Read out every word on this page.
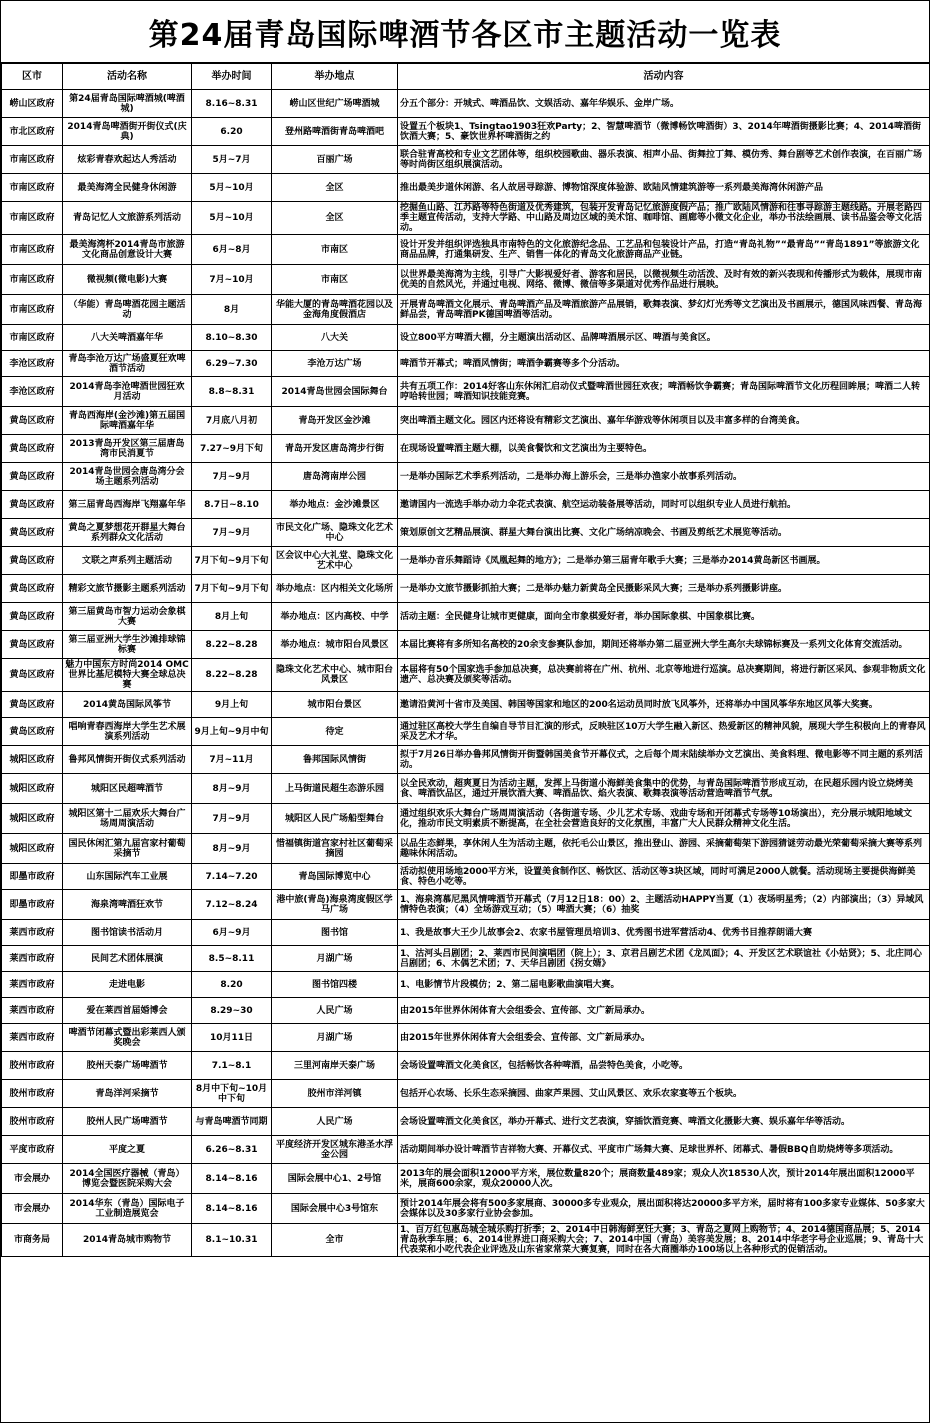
第24届青岛国际啤酒节各区市主题活动一览表
区市	活动名称	举办时间	举办地点	活动内容
崂山区政府	第24届青岛国际啤酒城(啤酒城)	8.16~8.31	崂山区世纪广场啤酒城	分五个部分：开城式、啤酒品饮、文娱活动、嘉年华娱乐、金岸广场。
市北区政府	2014青岛啤酒街开街仪式(庆典)	6.20	登州路啤酒街青岛啤酒吧	设置五个板块1、Tsingtao1903狂欢Party；2、智慧啤酒节（微博畅饮啤酒街）3、2014年啤酒街摄影比赛；4、2014啤酒街饮酒大赛；5、豪饮世界杯啤酒街之约
市南区政府	炫彩青春欢起达人秀活动	5月~7月	百丽广场	联合驻青高校和专业文艺团体等，组织校园歌曲、器乐表演、相声小品、街舞拉丁舞、模仿秀、舞台剧等艺术创作表演，在百丽广场等时尚街区组织展演活动。
市南区政府	最美海湾全民健身休闲游	5月~10月	全区	推出最美步道休闲游、名人故居寻踪游、博物馆深度体验游、欧陆风情建筑游等一系列最美海湾休闲游产品
市南区政府	青岛记忆人文旅游系列活动	5月~10月	全区	挖掘鱼山路、江苏路等特色街道及优秀建筑，包装开发青岛记忆旅游度假产品；推广欧陆风情游和往事寻踪游主题线路。开展老路四季主题宣传活动，支持大学路、中山路及周边区域的美术馆、咖啡馆、画廊等小微文化企业，举办书法绘画展、读书品鉴会等文化活动。
市南区政府	最美海湾杯2014青岛市旅游文化商品创意设计大赛	6月~8月	市南区	设计开发并组织评选独具市南特色的文化旅游纪念品、工艺品和包装设计产品，打造“青岛礼物”“最青岛”“青岛1891”等旅游文化商品品牌，打通集研发、生产、销售一体化的青岛文化旅游商品产业链。
市南区政府	微视频(微电影)大赛	7月~10月	市南区	以世界最美海湾为主线，引导广大影视爱好者、游客和居民，以微视频生动活泼、及时有效的新兴表现和传播形式为载体，展现市南优美的自然风光，并通过电视、网络、微博、微信等多渠道对优秀作品进行展映。
市南区政府	（华能）青岛啤酒花园主题活动	8月	华能大厦的青岛啤酒花园以及金海角度假酒店	开展青岛啤酒文化展示、青岛啤酒产品及啤酒旅游产品展销，歌舞表演、梦幻灯光秀等文艺演出及书画展示，德国风味西餐、青岛海鲜品尝，青岛啤酒PK德国啤酒等活动。
市南区政府	八大关啤酒嘉年华	8.10~8.30	八大关	设立800平方啤酒大棚，分主题演出活动区、品牌啤酒展示区、啤酒与美食区。
李沧区政府	青岛李沧万达广场盛夏狂欢啤酒节活动	6.29~7.30	李沧万达广场	啤酒节开幕式；啤酒风情街；啤酒争霸赛等多个分活动。
李沧区政府	2014青岛李沧啤酒世园狂欢月活动	8.8~8.31	2014青岛世园会国际舞台	共有五项工作：2014好客山东休闲汇启动仪式暨啤酒世园狂欢夜；啤酒畅饮争霸赛；青岛国际啤酒节文化历程回眸展；啤酒二人转哼哈转世园；啤酒知识技能竞赛。
黄岛区政府	青岛西海岸(金沙滩)第五届国际啤酒嘉年华	7月底八月初	青岛开发区金沙滩	突出啤酒主题文化。园区内还将设有精彩文艺演出、嘉年华游戏等休闲项目以及丰富多样的台湾美食。
黄岛区政府	2013青岛开发区第三届唐岛湾市民消夏节	7.27~9月下旬	青岛开发区唐岛湾步行街	在现场设置啤酒主题大棚，以美食餐饮和文艺演出为主要特色。
黄岛区政府	2014青岛世园会唐岛湾分会场主题系列活动	7月~9月	唐岛湾南岸公园	一是举办国际艺术季系列活动，二是举办海上游乐会，三是举办渔家小故事系列活动。
黄岛区政府	第三届青岛西海岸飞翔嘉年华	8.7日~8.10	举办地点：金沙滩景区	邀请国内一流选手举办动力伞花式表演、航空运动装备展等活动，同时可以组织专业人员进行航拍。
黄岛区政府	黄岛之夏梦想花开群星大舞台系列群众文化活动	7月~9月	市民文化广场、隐珠文化艺术中心	策划原创文艺精品展演、群星大舞台演出比赛、文化广场纳凉晚会、书画及剪纸艺术展览等活动。
黄岛区政府	文联之声系列主题活动	7月下旬~9月下旬	区会议中心大礼堂、隐珠文化艺术中心	一是举办音乐舞蹈诗《凤凰起舞的地方》；二是举办第三届青年歌手大赛；三是举办2014黄岛新区书画展。
黄岛区政府	精彩文旅节摄影主题系列活动	7月下旬~9月下旬	举办地点：区内相关文化场所	一是举办文旅节摄影抓拍大赛；二是举办魅力新黄岛全民摄影采风大赛；三是举办系列摄影讲座。
黄岛区政府	第三届黄岛市智力运动会象棋大赛	8月上旬	举办地点：区内高校、中学	活动主题：全民健身让城市更健康，面向全市象棋爱好者，举办国际象棋、中国象棋比赛。
黄岛区政府	第三届亚洲大学生沙滩排球锦标赛	8.22~8.28	举办地点：城市阳台风景区	本届比赛将有多所知名高校的20余支参赛队参加，期间还将举办第二届亚洲大学生高尔夫球锦标赛及一系列文化体育交流活动。
黄岛区政府	魅力中国东方时尚2014 OMC世界比基尼模特大赛全球总决赛	8.22~8.28	隐珠文化艺术中心、城市阳台风景区	本届将有50个国家选手参加总决赛，总决赛前将在广州、杭州、北京等地进行巡演。总决赛期间，将进行新区采风、参观非物质文化遗产、总决赛及颁奖等活动。
黄岛区政府	2014黄岛国际风筝节	9月上旬	城市阳台景区	邀请沿黄河十省市及美国、韩国等国家和地区的200名运动员同时放飞风筝外，还将举办中国风筝华东地区风筝大奖赛。
黄岛区政府	唱响青春西海岸大学生艺术展演系列活动	9月上旬~9月中旬	待定	通过驻区高校大学生自编自导节目汇演的形式，反映驻区10万大学生融入新区、热爱新区的精神风貌，展现大学生积极向上的青春风采及艺术才华。
城阳区政府	鲁邦风情街开街仪式系列活动	7月~11月	鲁邦国际风情街	拟于7月26日举办鲁邦风情街开街暨韩国美食节开幕仪式，之后每个周末陆续举办文艺演出、美食料理、微电影等不同主题的系列活动。
城阳区政府	城阳区民超啤酒节	8月~9月	上马街道民超生态游乐园	以全民欢动，超爽夏日为活动主题，发挥上马街道小海鲜美食集中的优势，与青岛国际啤酒节形成互动，在民超乐园内设立烧烤美食、啤酒饮品区，通过开展饮酒大赛、啤酒品饮、焰火表演、歌舞表演等活动营造啤酒节气氛。
城阳区政府	城阳区第十二届欢乐大舞台广场周周演活动	7月~9月	城阳区人民广场船型舞台	通过组织欢乐大舞台广场周周演活动（各街道专场、少儿艺术专场、戏曲专场和开闭幕式专场等10场演出），充分展示城阳地域文化，推动市民文明素质不断提高，在全社会营造良好的文化氛围，丰富广大人民群众精神文化生活。
城阳区政府	国民休闲汇第九届宫家村葡萄采摘节	8月~9月	惜福镇街道宫家村社区葡萄采摘园	以品生态鲜果，享休闲人生为活动主题，依托毛公山景区，推出登山、游园、采摘葡萄架下游园猜谜劳动最光荣葡萄采摘大赛等系列趣味休闲活动。
即墨市政府	山东国际汽车工业展	7.14~7.20	青岛国际博览中心	活动拟使用场地2000平方米，设置美食制作区、畅饮区、活动区等3块区域，同时可满足2000人就餐。活动现场主要提供海鲜美食、特色小吃等。
即墨市政府	海泉湾啤酒狂欢节	7.12~8.24	港中旅(青岛)海泉湾度假区学马广场	1、海泉湾慕尼黑风情啤酒节开幕式（7月12日18：00）2、主题活动HAPPY当夏（1）夜场明星秀；（2）内部演出；（3）异域风情特色表演；（4）全场游戏互动；（5）啤酒大赛；（6）抽奖
莱西市政府	图书馆读书活动月	6月~9月	图书馆	1、我是故事大王少儿故事会2、农家书屋管理员培训3、优秀图书进军营活动4、优秀书目推荐朗诵大赛
莱西市政府	民间艺术团体展演	8.5~8.11	月湖广场	1、沽河头吕剧团；2、莱西市民间演唱团（院上）；3、京君吕剧艺术团《龙凤面》；4、开发区艺术联谊社《小姑贤》；5、北庄同心吕剧团；6、木偶艺术团；7、天华吕剧团《拐女婿》
莱西市政府	走进电影	8.20	图书馆四楼	1、电影情节片段模仿；2、第二届电影歌曲演唱大赛。
莱西市政府	爱在莱西首届婚博会	8.29~30	人民广场	由2015年世界休闲体育大会组委会、宣传部、文广新局承办。
莱西市政府	啤酒节闭幕式暨出彩莱西人颁奖晚会	10月11日	月湖广场	由2015年世界休闲体育大会组委会、宣传部、文广新局承办。
胶州市政府	胶州天泰广场啤酒节	7.1~8.1	三里河南岸天泰广场	会场设置啤酒文化美食区，包括畅饮各种啤酒，品尝特色美食，小吃等。
胶州市政府	青岛洋河采摘节	8月中下旬~10月中下旬	胶州市洋河镇	包括开心农场、长乐生态采摘园、曲家芦果园、艾山风景区、欢乐农家宴等五个板块。
胶州市政府	胶州人民广场啤酒节	与青岛啤酒节同期	人民广场	会场设置啤酒文化美食区，举办开幕式、进行文艺表演，穿插饮酒竞赛、啤酒文化摄影大赛、娱乐嘉年华等活动。
平度市政府	平度之夏	6.26~8.31	平度经济开发区城东港圣水浮金公园	活动期间举办设计啤酒节吉祥物大赛、开幕仪式、平度市广场舞大赛、足球世界杯、闭幕式、暑假BBQ自助烧烤等多项活动。
市会展办	2014全国医疗器械（青岛）博览会暨医院采购大会	8.14~8.16	国际会展中心1、2号馆	2013年的展会面积12000平方米，展位数量820个；展商数量489家；观众人次18530人次，预计2014年展出面积12000平米，展商600余家，观众20000人次。
市会展办	2014华东（青岛）国际电子工业制造展览会	8.14~8.16	国际会展中心3号馆东	预计2014年展会将有500多家展商、30000多专业观众，展出面积将达20000多平方米，届时将有100多家专业媒体、50多家大会媒体以及30多家行业协会参加。
市商务局	2014青岛城市购物节	8.1~10.31	全市	1、百万红包惠岛城全城乐购打折季；2、2014中日韩海鲜烹饪大赛；3、青岛之夏网上购物节；4、2014德国商品展；5、2014青岛秋季车展；6、2014世界进口商采购大会；7、2014中国（青岛）美容美发展；8、2014中华老字号企业巡展；9、青岛十大代表菜和小吃代表企业评选及山东省家常菜大赛复赛，同时在各大商圈举办100场以上各种形式的促销活动。
